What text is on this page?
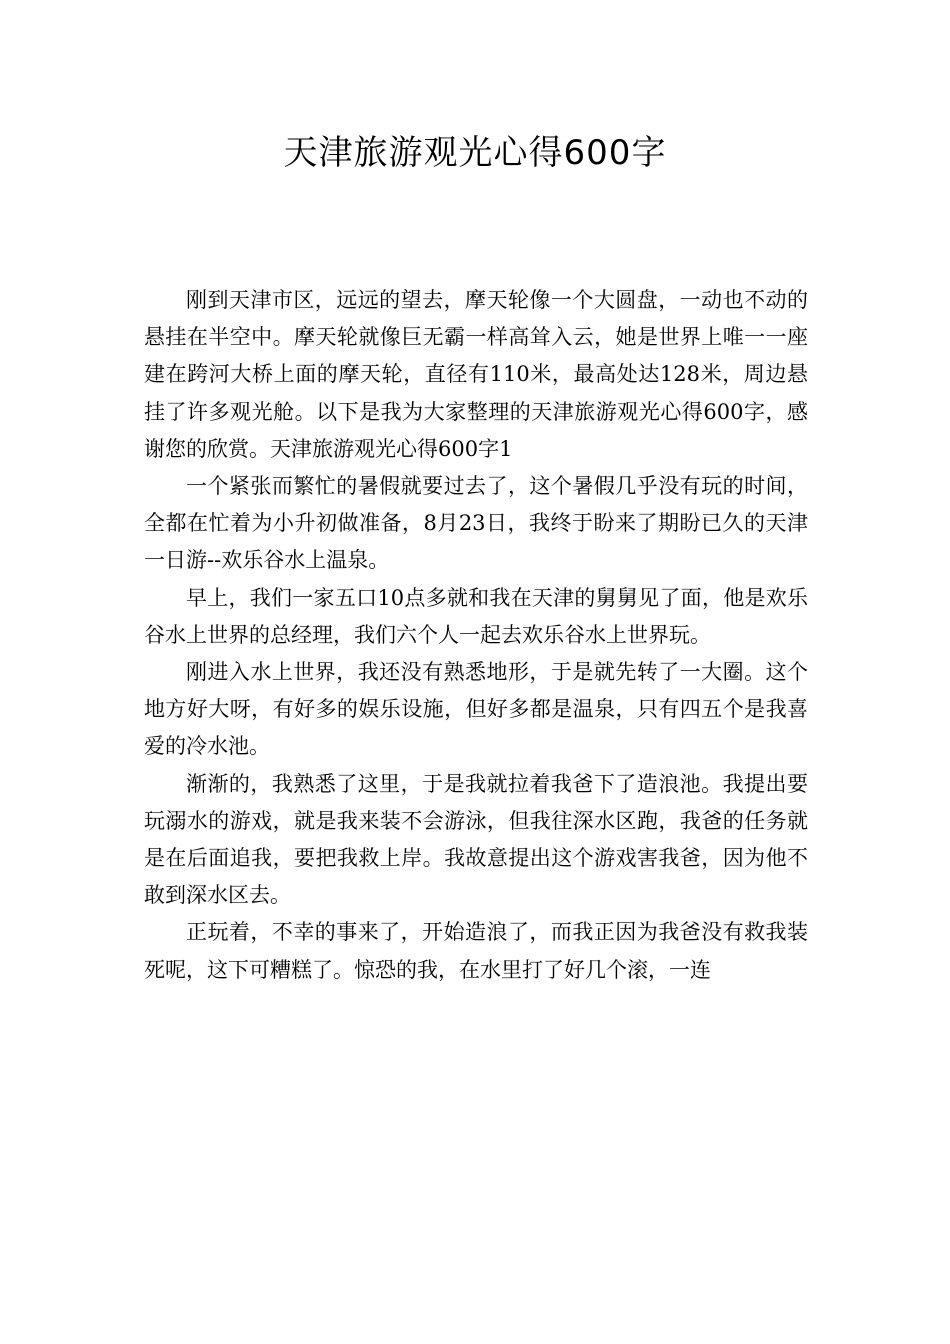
天津旅游观光心得600字

刚到天津市区，远远的望去，摩天轮像一个大圆盘，一动也不动的悬挂在半空中。摩天轮就像巨无霸一样高耸入云，她是世界上唯一一座建在跨河大桥上面的摩天轮，直径有110米，最高处达128米，周边悬挂了许多观光舱。以下是我为大家整理的天津旅游观光心得600字，感谢您的欣赏。天津旅游观光心得600字1

一个紧张而繁忙的暑假就要过去了，这个暑假几乎没有玩的时间，全都在忙着为小升初做准备，8月23日，我终于盼来了期盼已久的天津一日游--欢乐谷水上温泉。

早上，我们一家五口10点多就和我在天津的舅舅见了面，他是欢乐谷水上世界的总经理，我们六个人一起去欢乐谷水上世界玩。

刚进入水上世界，我还没有熟悉地形，于是就先转了一大圈。这个地方好大呀，有好多的娱乐设施，但好多都是温泉，只有四五个是我喜爱的冷水池。

渐渐的，我熟悉了这里，于是我就拉着我爸下了造浪池。我提出要玩溺水的游戏，就是我来装不会游泳，但我往深水区跑，我爸的任务就是在后面追我，要把我救上岸。我故意提出这个游戏害我爸，因为他不敢到深水区去。

正玩着，不幸的事来了，开始造浪了，而我正因为我爸没有救我装死呢，这下可糟糕了。惊恐的我，在水里打了好几个滚，一连
